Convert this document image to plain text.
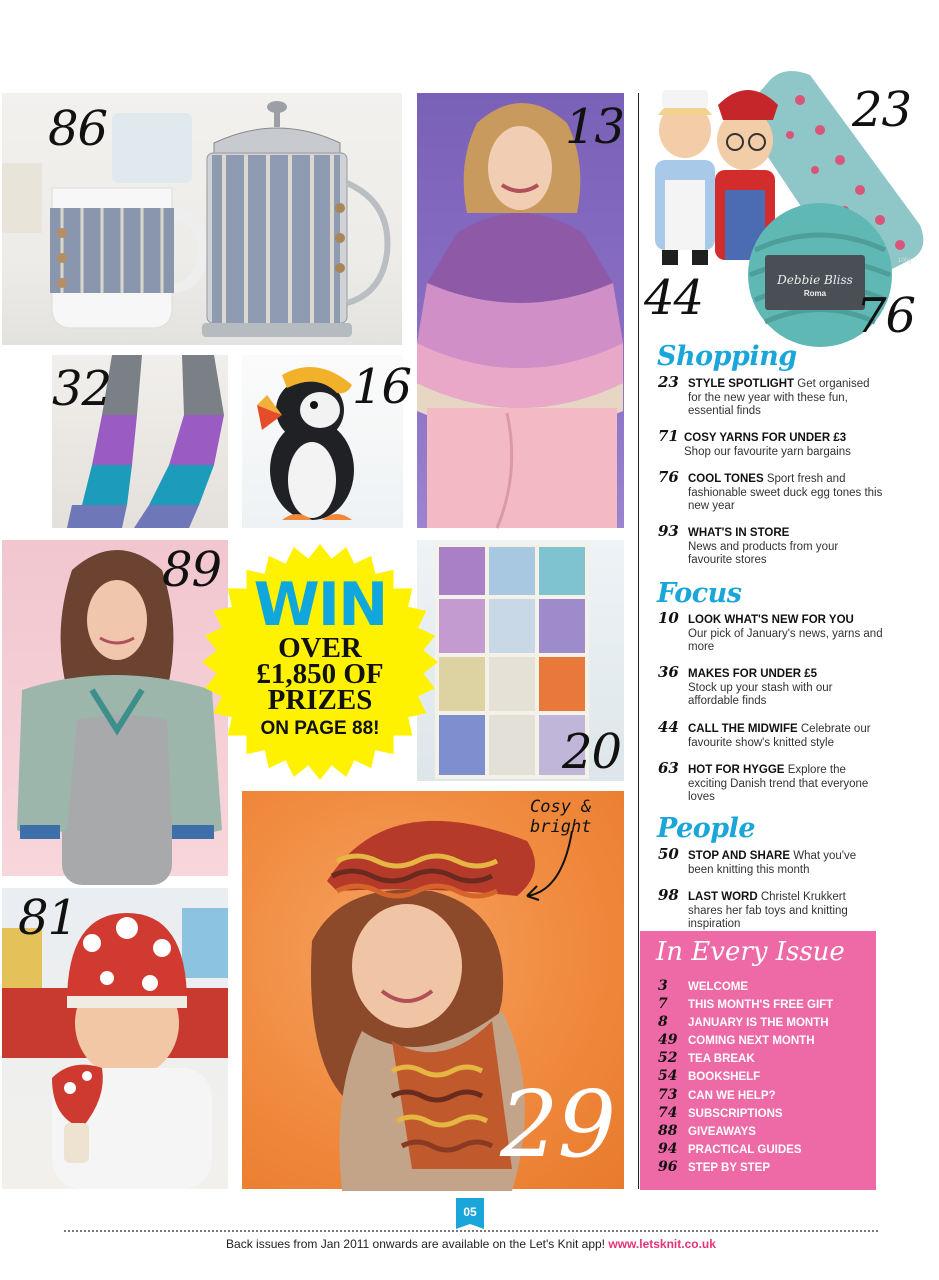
86	13
32	16
89
20
81
Cosy &
bright
29
100g
Debbie Bliss
Roma
23
44	76
WIN
OVER
£1,850 OF
PRIZES
ON PAGE 88!
Shopping
23 STYLE SPOTLIGHT Get organised for the new year with these fun, essential finds
71 COSY YARNS FOR UNDER £3
Shop our favourite yarn bargains
76 COOL TONES Sport fresh and fashionable sweet duck egg tones this new year
93 WHAT'S IN STORE
News and products from your favourite stores
Focus
10 LOOK WHAT'S NEW FOR YOU
Our pick of January's news, yarns and more
36 MAKES FOR UNDER £5
Stock up your stash with our affordable finds
44 CALL THE MIDWIFE Celebrate our favourite show's knitted style
63 HOT FOR HYGGE Explore the exciting Danish trend that everyone loves
People
50 STOP AND SHARE What you've been knitting this month
98 LAST WORD Christel Krukkert shares her fab toys and knitting inspiration
In Every Issue
3 WELCOME
7 THIS MONTH'S FREE GIFT
8 JANUARY IS THE MONTH
49 COMING NEXT MONTH
52 TEA BREAK
54 BOOKSHELF
73 CAN WE HELP?
74 SUBSCRIPTIONS
88 GIVEAWAYS
94 PRACTICAL GUIDES
96 STEP BY STEP
05
Back issues from Jan 2011 onwards are available on the Let's Knit app! www.letsknit.co.uk
